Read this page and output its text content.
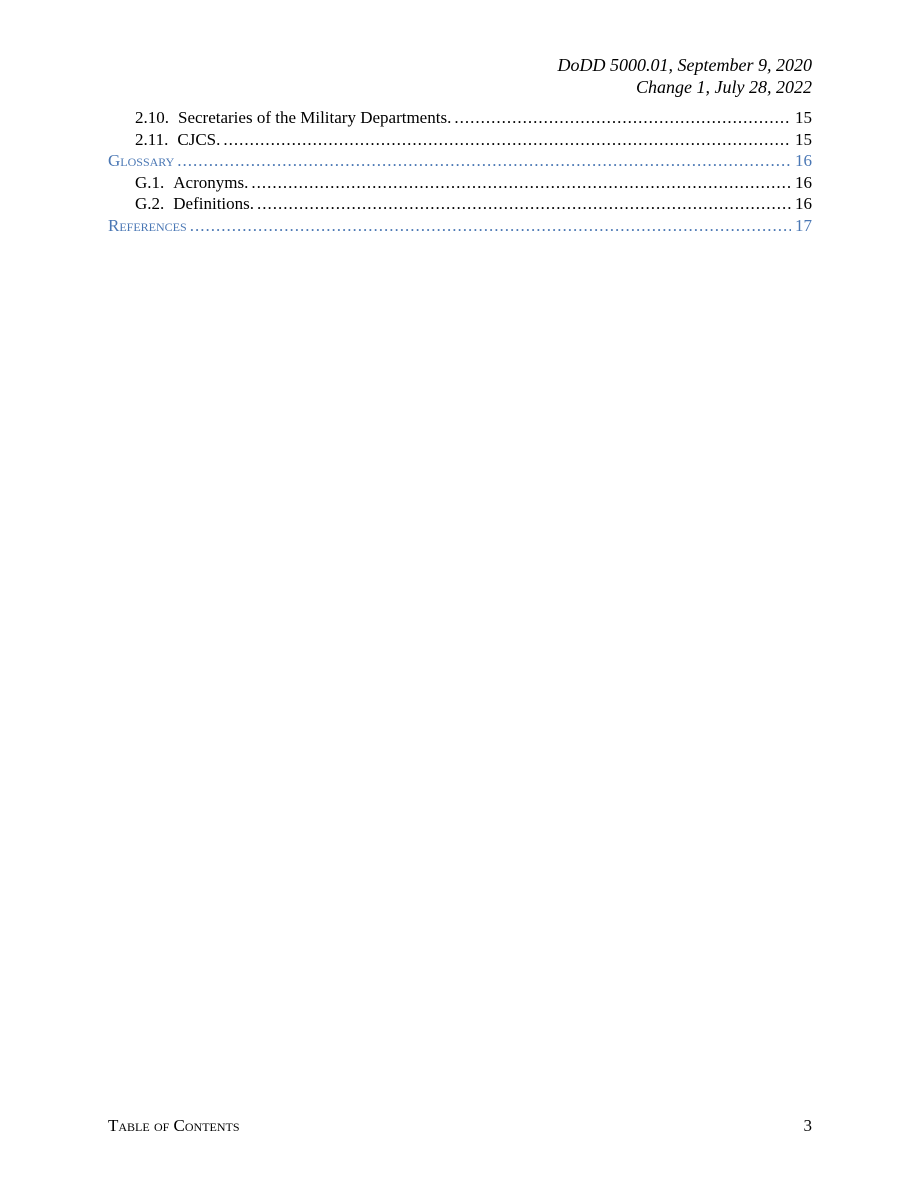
DoDD 5000.01, September 9, 2020
Change 1, July 28, 2022
2.10. Secretaries of the Military Departments. .....	15
2.11. CJCS. .....	15
Glossary .....	16
G.1. Acronyms. .....	16
G.2. Definitions. .....	16
References .....	17
Table of Contents	3
